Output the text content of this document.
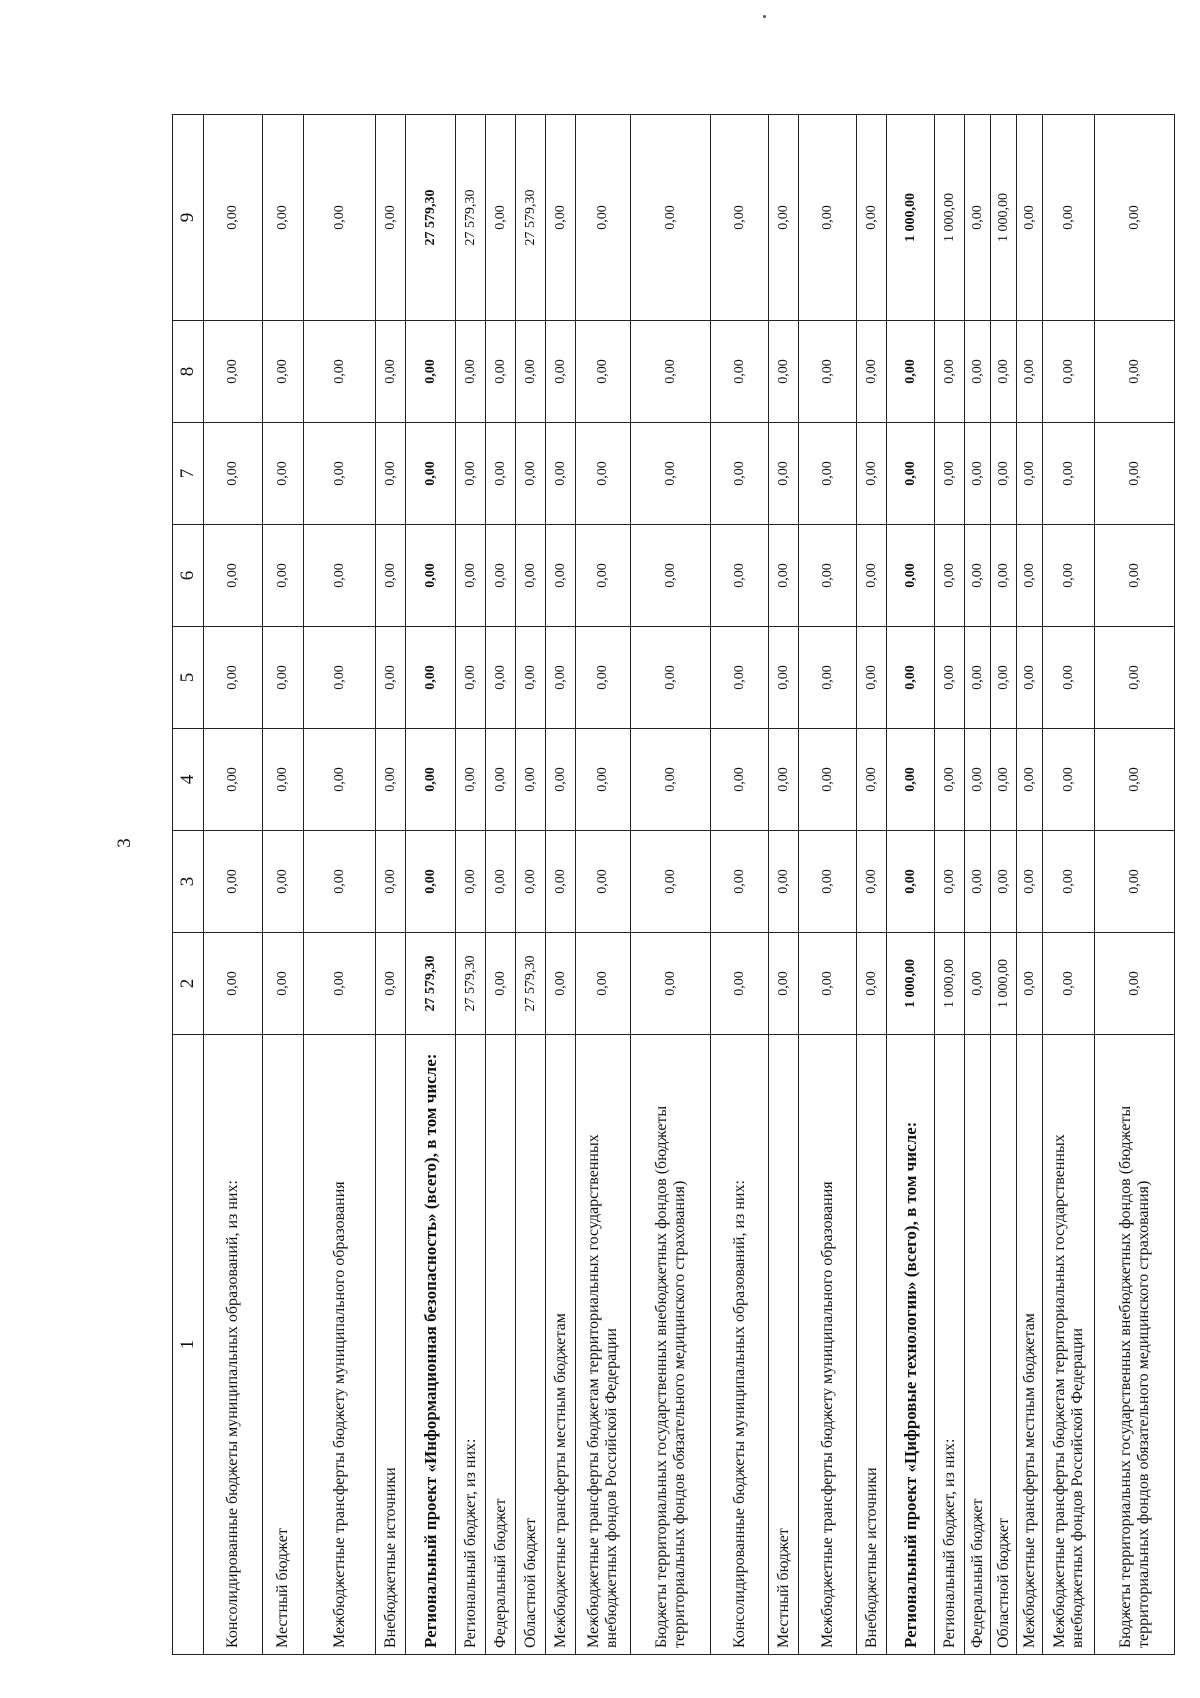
3
1	2	3	4	5	6	7	8	9
Консолидированные бюджеты муниципальных образований, из них:	0,00	0,00	0,00	0,00	0,00	0,00	0,00	0,00
Местный бюджет	0,00	0,00	0,00	0,00	0,00	0,00	0,00	0,00
Межбюджетные трансферты бюджету муниципального образования	0,00	0,00	0,00	0,00	0,00	0,00	0,00	0,00
Внебюджетные источники	0,00	0,00	0,00	0,00	0,00	0,00	0,00	0,00
Региональный проект «Информационная безопасность» (всего), в том числе:	27 579,30	0,00	0,00	0,00	0,00	0,00	0,00	27 579,30
Региональный бюджет, из них:	27 579,30	0,00	0,00	0,00	0,00	0,00	0,00	27 579,30
Федеральный бюджет	0,00	0,00	0,00	0,00	0,00	0,00	0,00	0,00
Областной бюджет	27 579,30	0,00	0,00	0,00	0,00	0,00	0,00	27 579,30
Межбюджетные трансферты местным бюджетам	0,00	0,00	0,00	0,00	0,00	0,00	0,00	0,00
Межбюджетные трансферты бюджетам территориальных государственных внебюджетных фондов Российской Федерации	0,00	0,00	0,00	0,00	0,00	0,00	0,00	0,00
Бюджеты территориальных государственных внебюджетных фондов (бюджеты территориальных фондов обязательного медицинского страхования)	0,00	0,00	0,00	0,00	0,00	0,00	0,00	0,00
Консолидированные бюджеты муниципальных образований, из них:	0,00	0,00	0,00	0,00	0,00	0,00	0,00	0,00
Местный бюджет	0,00	0,00	0,00	0,00	0,00	0,00	0,00	0,00
Межбюджетные трансферты бюджету муниципального образования	0,00	0,00	0,00	0,00	0,00	0,00	0,00	0,00
Внебюджетные источники	0,00	0,00	0,00	0,00	0,00	0,00	0,00	0,00
Региональный проект «Цифровые технологии» (всего), в том числе:	1 000,00	0,00	0,00	0,00	0,00	0,00	0,00	1 000,00
Региональный бюджет, из них:	1 000,00	0,00	0,00	0,00	0,00	0,00	0,00	1 000,00
Федеральный бюджет	0,00	0,00	0,00	0,00	0,00	0,00	0,00	0,00
Областной бюджет	1 000,00	0,00	0,00	0,00	0,00	0,00	0,00	1 000,00
Межбюджетные трансферты местным бюджетам	0,00	0,00	0,00	0,00	0,00	0,00	0,00	0,00
Межбюджетные трансферты бюджетам территориальных государственных внебюджетных фондов Российской Федерации	0,00	0,00	0,00	0,00	0,00	0,00	0,00	0,00
Бюджеты территориальных государственных внебюджетных фондов (бюджеты территориальных фондов обязательного медицинского страхования)	0,00	0,00	0,00	0,00	0,00	0,00	0,00	0,00
